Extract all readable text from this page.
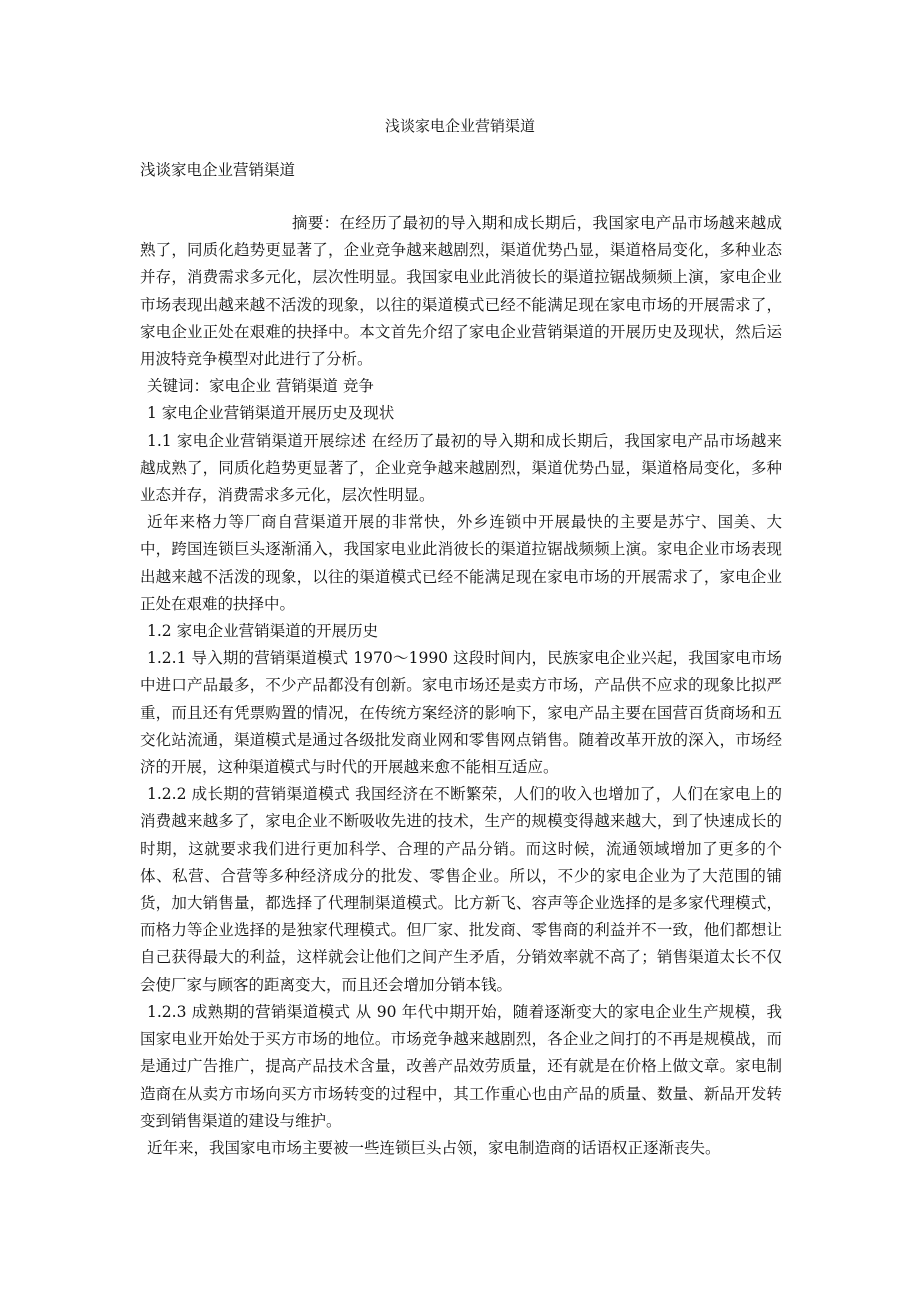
浅谈家电企业营销渠道
浅谈家电企业营销渠道

摘要：在经历了最初的导入期和成长期后，我国家电产品市场越来越成熟了，同质化趋势更显著了，企业竞争越来越剧烈，渠道优势凸显，渠道格局变化，多种业态并存，消费需求多元化，层次性明显。我国家电业此消彼长的渠道拉锯战频频上演，家电企业市场表现出越来越不活泼的现象，以往的渠道模式已经不能满足现在家电市场的开展需求了，家电企业正处在艰难的抉择中。本文首先介绍了家电企业营销渠道的开展历史及现状，然后运用波特竞争模型对此进行了分析。

关键词：家电企业 营销渠道 竞争

1 家电企业营销渠道开展历史及现状

1.1 家电企业营销渠道开展综述 在经历了最初的导入期和成长期后，我国家电产品市场越来越成熟了，同质化趋势更显著了，企业竞争越来越剧烈，渠道优势凸显，渠道格局变化，多种业态并存，消费需求多元化，层次性明显。

近年来格力等厂商自营渠道开展的非常快，外乡连锁中开展最快的主要是苏宁、国美、大中，跨国连锁巨头逐渐涌入，我国家电业此消彼长的渠道拉锯战频频上演。家电企业市场表现出越来越不活泼的现象，以往的渠道模式已经不能满足现在家电市场的开展需求了，家电企业正处在艰难的抉择中。

1.2 家电企业营销渠道的开展历史

1.2.1 导入期的营销渠道模式 1970～1990 这段时间内，民族家电企业兴起，我国家电市场中进口产品最多，不少产品都没有创新。家电市场还是卖方市场，产品供不应求的现象比拟严重，而且还有凭票购置的情况，在传统方案经济的影响下，家电产品主要在国营百货商场和五交化站流通，渠道模式是通过各级批发商业网和零售网点销售。随着改革开放的深入，市场经济的开展，这种渠道模式与时代的开展越来愈不能相互适应。

1.2.2 成长期的营销渠道模式 我国经济在不断繁荣，人们的收入也增加了，人们在家电上的消费越来越多了，家电企业不断吸收先进的技术，生产的规模变得越来越大，到了快速成长的时期，这就要求我们进行更加科学、合理的产品分销。而这时候，流通领域增加了更多的个体、私营、合营等多种经济成分的批发、零售企业。所以，不少的家电企业为了大范围的铺货，加大销售量，都选择了代理制渠道模式。比方新飞、容声等企业选择的是多家代理模式，而格力等企业选择的是独家代理模式。但厂家、批发商、零售商的利益并不一致，他们都想让自己获得最大的利益，这样就会让他们之间产生矛盾，分销效率就不高了；销售渠道太长不仅会使厂家与顾客的距离变大，而且还会增加分销本钱。

1.2.3 成熟期的营销渠道模式 从 90 年代中期开始，随着逐渐变大的家电企业生产规模，我国家电业开始处于买方市场的地位。市场竞争越来越剧烈，各企业之间打的不再是规模战，而是通过广告推广，提高产品技术含量，改善产品效劳质量，还有就是在价格上做文章。家电制造商在从卖方市场向买方市场转变的过程中，其工作重心也由产品的质量、数量、新品开发转变到销售渠道的建设与维护。

近年来，我国家电市场主要被一些连锁巨头占领，家电制造商的话语权正逐渐丧失。
